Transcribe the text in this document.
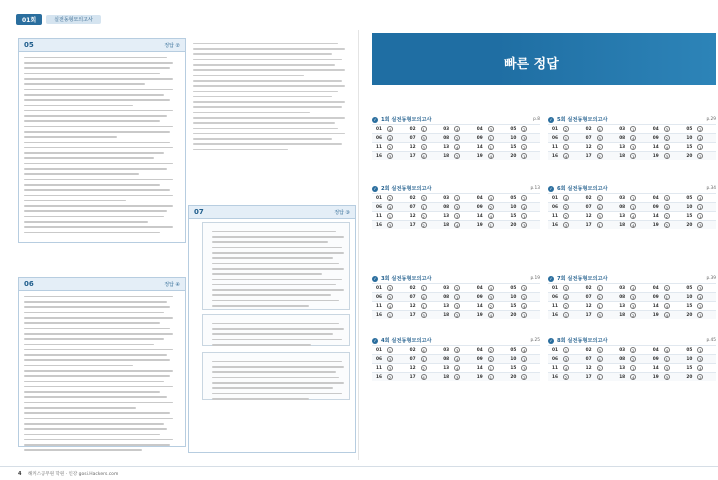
01회	실전동형모의고사
05	정답 ②
06	정답 ④
07	정답 ③
빠른 정답
✓ 1회 실전동형모의고사	p.8
01	4	02	1	03	4	04	3	05	2
06	4	07	3	08	2	09	1	10	3
11	2	12	3	13	4	14	1	15	2
16	3	17	4	18	2	19	4	20	1
✓ 2회 실전동형모의고사	p.13
01	2	02	3	03	1	04	4	05	2
06	4	07	1	08	3	09	2	10	4
11	1	12	2	13	3	14	4	15	1
16	3	17	2	18	4	19	1	20	3
✓ 3회 실전동형모의고사	p.19
01	3	02	1	03	2	04	4	05	3
06	2	07	4	08	1	09	3	10	2
11	4	12	1	13	3	14	2	15	4
16	1	17	3	18	2	19	4	20	1
✓ 4회 실전동형모의고사	p.25
01	1	02	4	03	3	04	2	05	4
06	3	07	1	08	4	09	2	10	1
11	3	12	2	13	4	14	1	15	3
16	2	17	4	18	3	19	1	20	2
✓ 5회 실전동형모의고사	p.29
01	2	02	4	03	1	04	3	05	2
06	1	07	3	08	4	09	2	10	4
11	1	12	2	13	3	14	4	15	1
16	4	17	2	18	1	19	3	20	2
✓ 6회 실전동형모의고사	p.34
01	4	02	2	03	1	04	3	05	4
06	2	07	4	08	1	09	3	10	1
11	2	12	3	13	4	14	2	15	1
16	3	17	1	18	4	19	2	20	3
✓ 7회 실전동형모의고사	p.39
01	3	02	1	03	4	04	2	05	3
06	4	07	2	08	3	09	1	10	4
11	2	12	1	13	3	14	4	15	2
16	1	17	3	18	2	19	4	20	1
✓ 8회 실전동형모의고사	p.45
01	1	02	3	03	2	04	4	05	1
06	3	07	4	08	2	09	1	10	3
11	4	12	2	13	1	14	3	15	4
16	2	17	1	18	4	19	3	20	2
4 해커스공무원 학원 · 인강 gosi.Hackers.com
